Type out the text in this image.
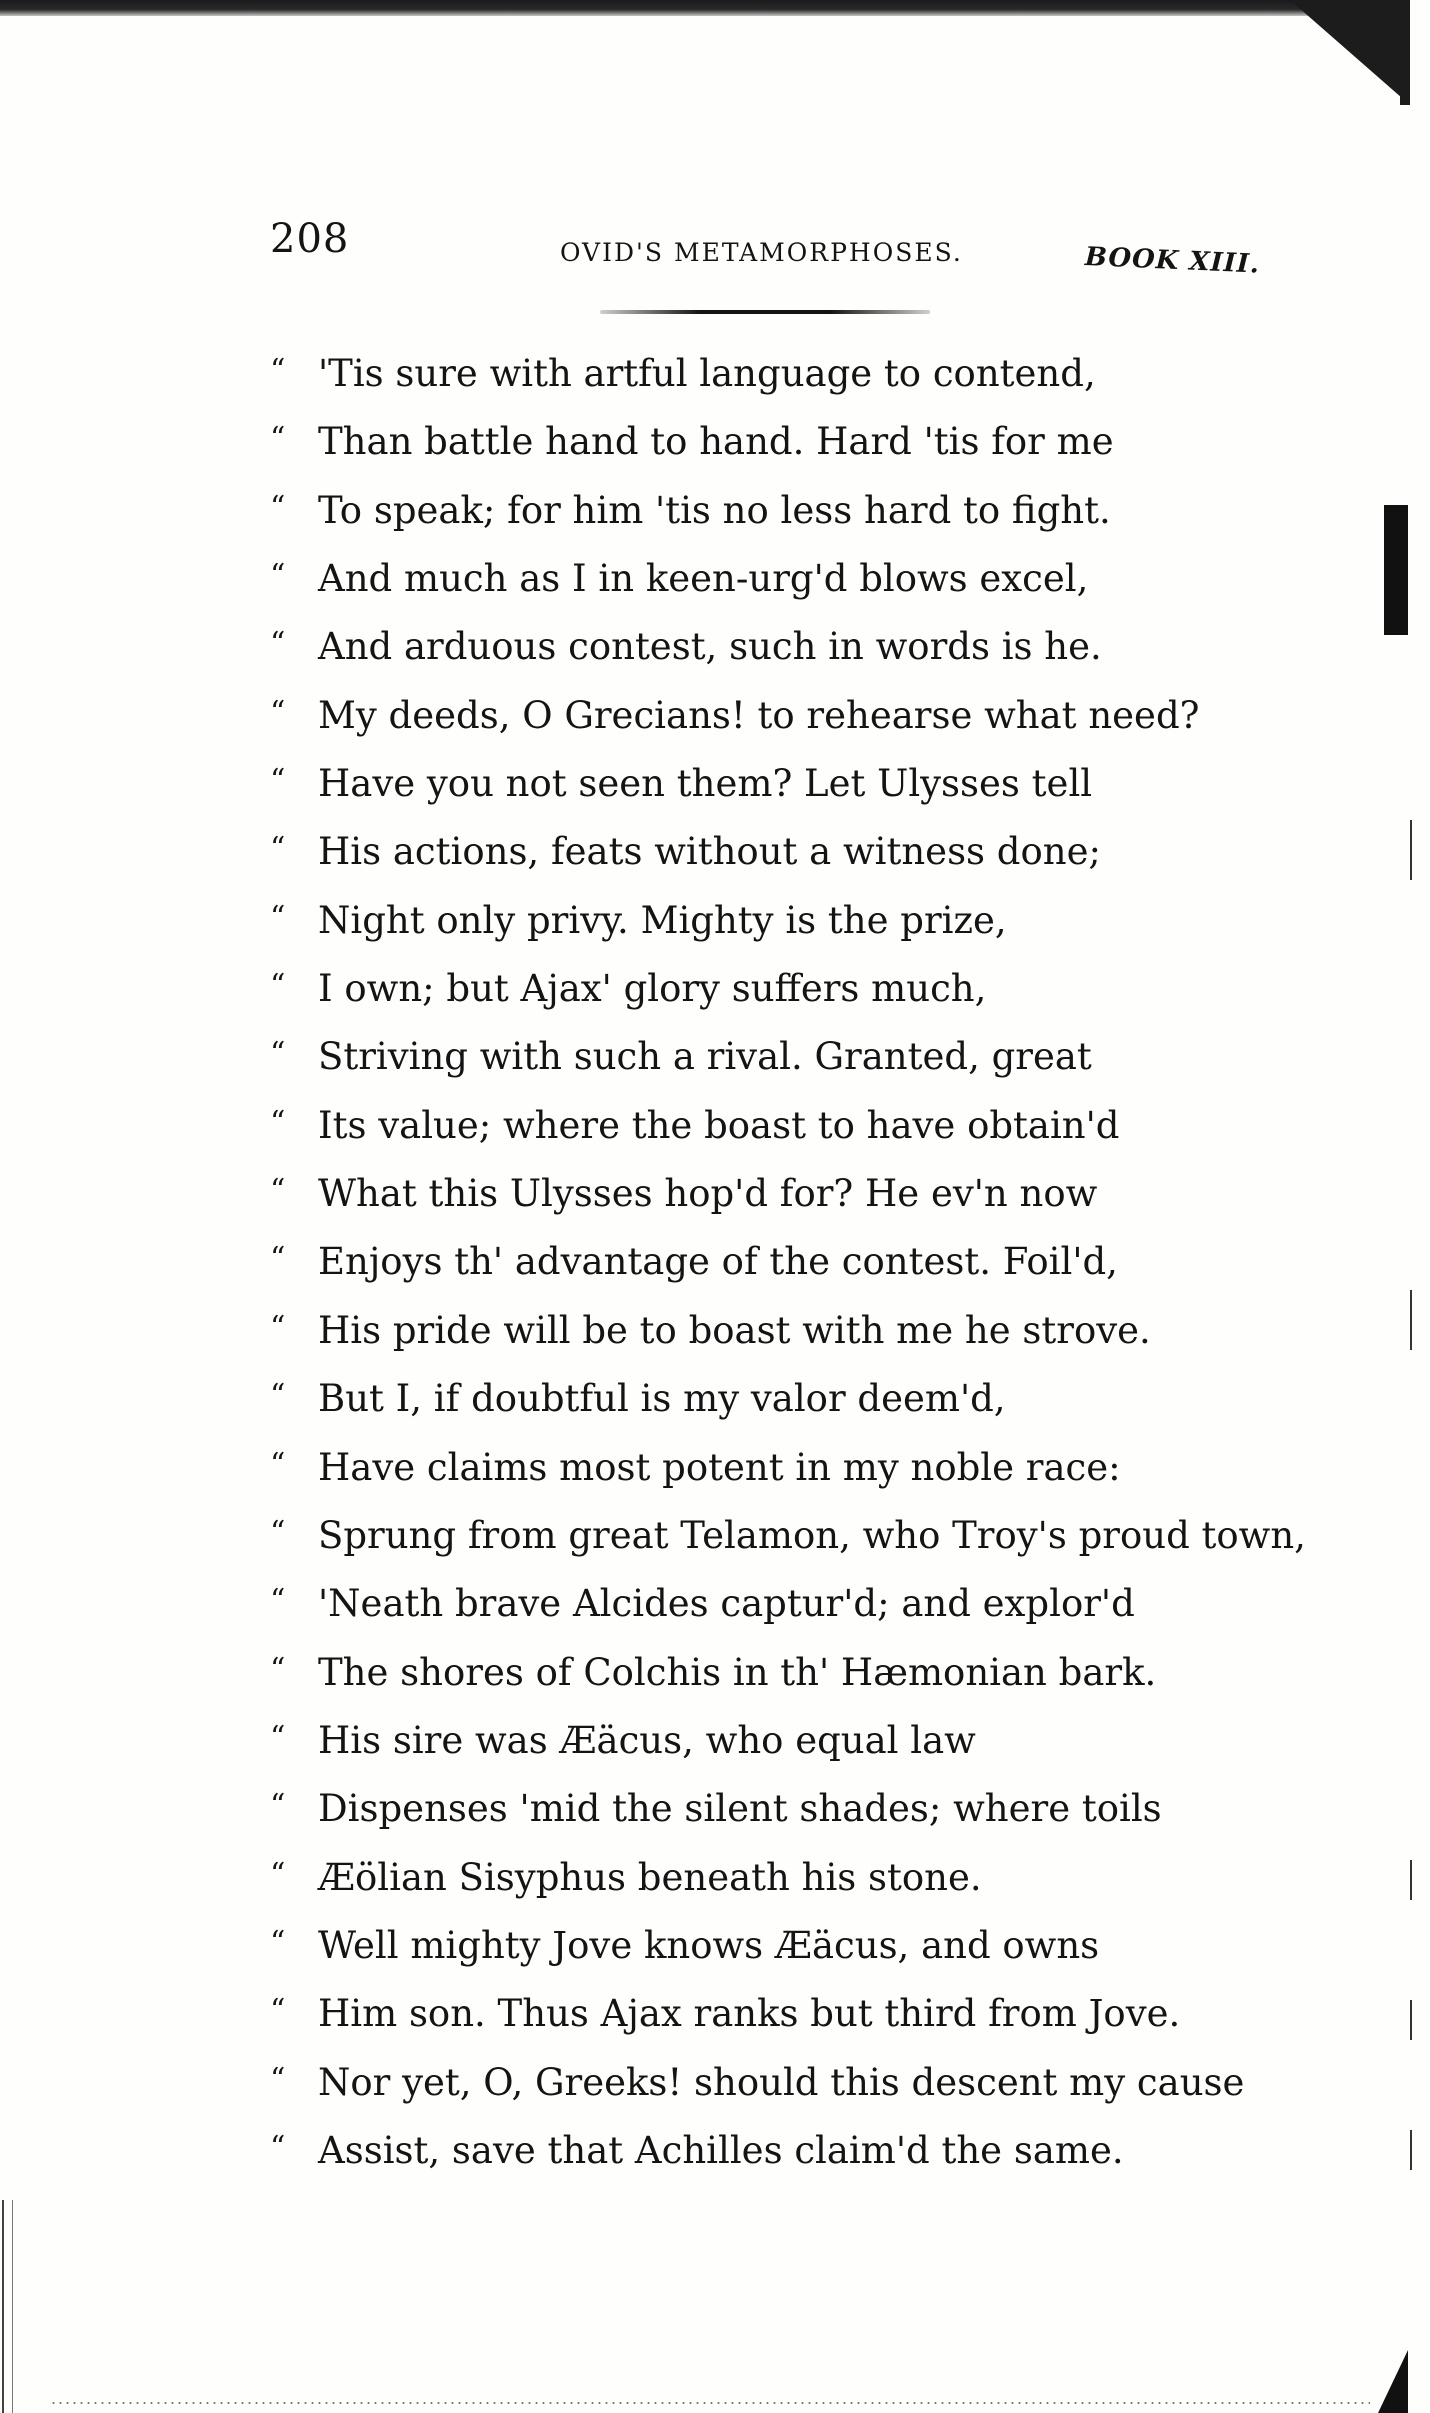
208	OVID'S METAMORPHOSES.	BOOK XIII.
“ 'Tis sure with artful language to contend,
“ Than battle hand to hand. Hard 'tis for me
“ To speak; for him 'tis no less hard to fight.
“ And much as I in keen-urg'd blows excel,
“ And arduous contest, such in words is he.
“ My deeds, O Grecians! to rehearse what need?
“ Have you not seen them? Let Ulysses tell
“ His actions, feats without a witness done;
“ Night only privy. Mighty is the prize,
“ I own; but Ajax' glory suffers much,
“ Striving with such a rival. Granted, great
“ Its value; where the boast to have obtain'd
“ What this Ulysses hop'd for? He ev'n now
“ Enjoys th' advantage of the contest. Foil'd,
“ His pride will be to boast with me he strove.
“ But I, if doubtful is my valor deem'd,
“ Have claims most potent in my noble race:
“ Sprung from great Telamon, who Troy's proud town,
“ 'Neath brave Alcides captur'd; and explor'd
“ The shores of Colchis in th' Hæmonian bark.
“ His sire was Æäcus, who equal law
“ Dispenses 'mid the silent shades; where toils
“ Æölian Sisyphus beneath his stone.
“ Well mighty Jove knows Æäcus, and owns
“ Him son. Thus Ajax ranks but third from Jove.
“ Nor yet, O, Greeks! should this descent my cause
“ Assist, save that Achilles claim'd the same.
